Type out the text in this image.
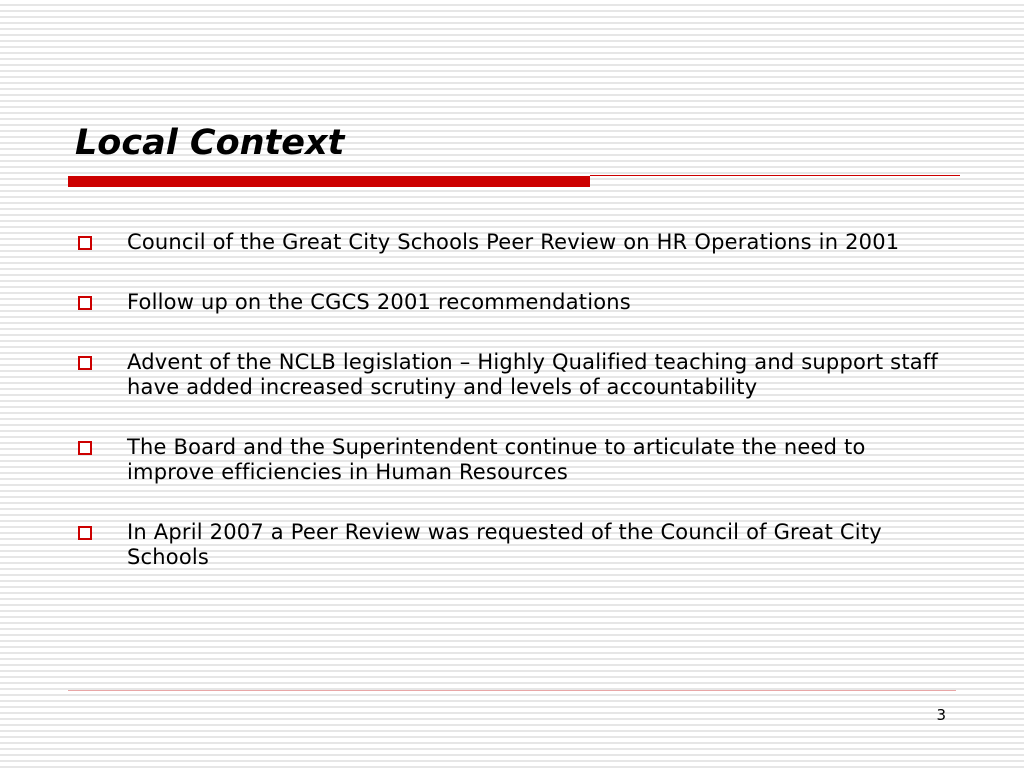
Local Context
Council of the Great City Schools Peer Review on HR Operations in 2001
Follow up on the CGCS 2001 recommendations
Advent of the NCLB legislation – Highly Qualified teaching and support staff have added increased scrutiny and levels of accountability
The Board and the Superintendent continue to articulate the need to improve efficiencies in Human Resources
In April 2007 a Peer Review was requested of the Council of Great City Schools
3
